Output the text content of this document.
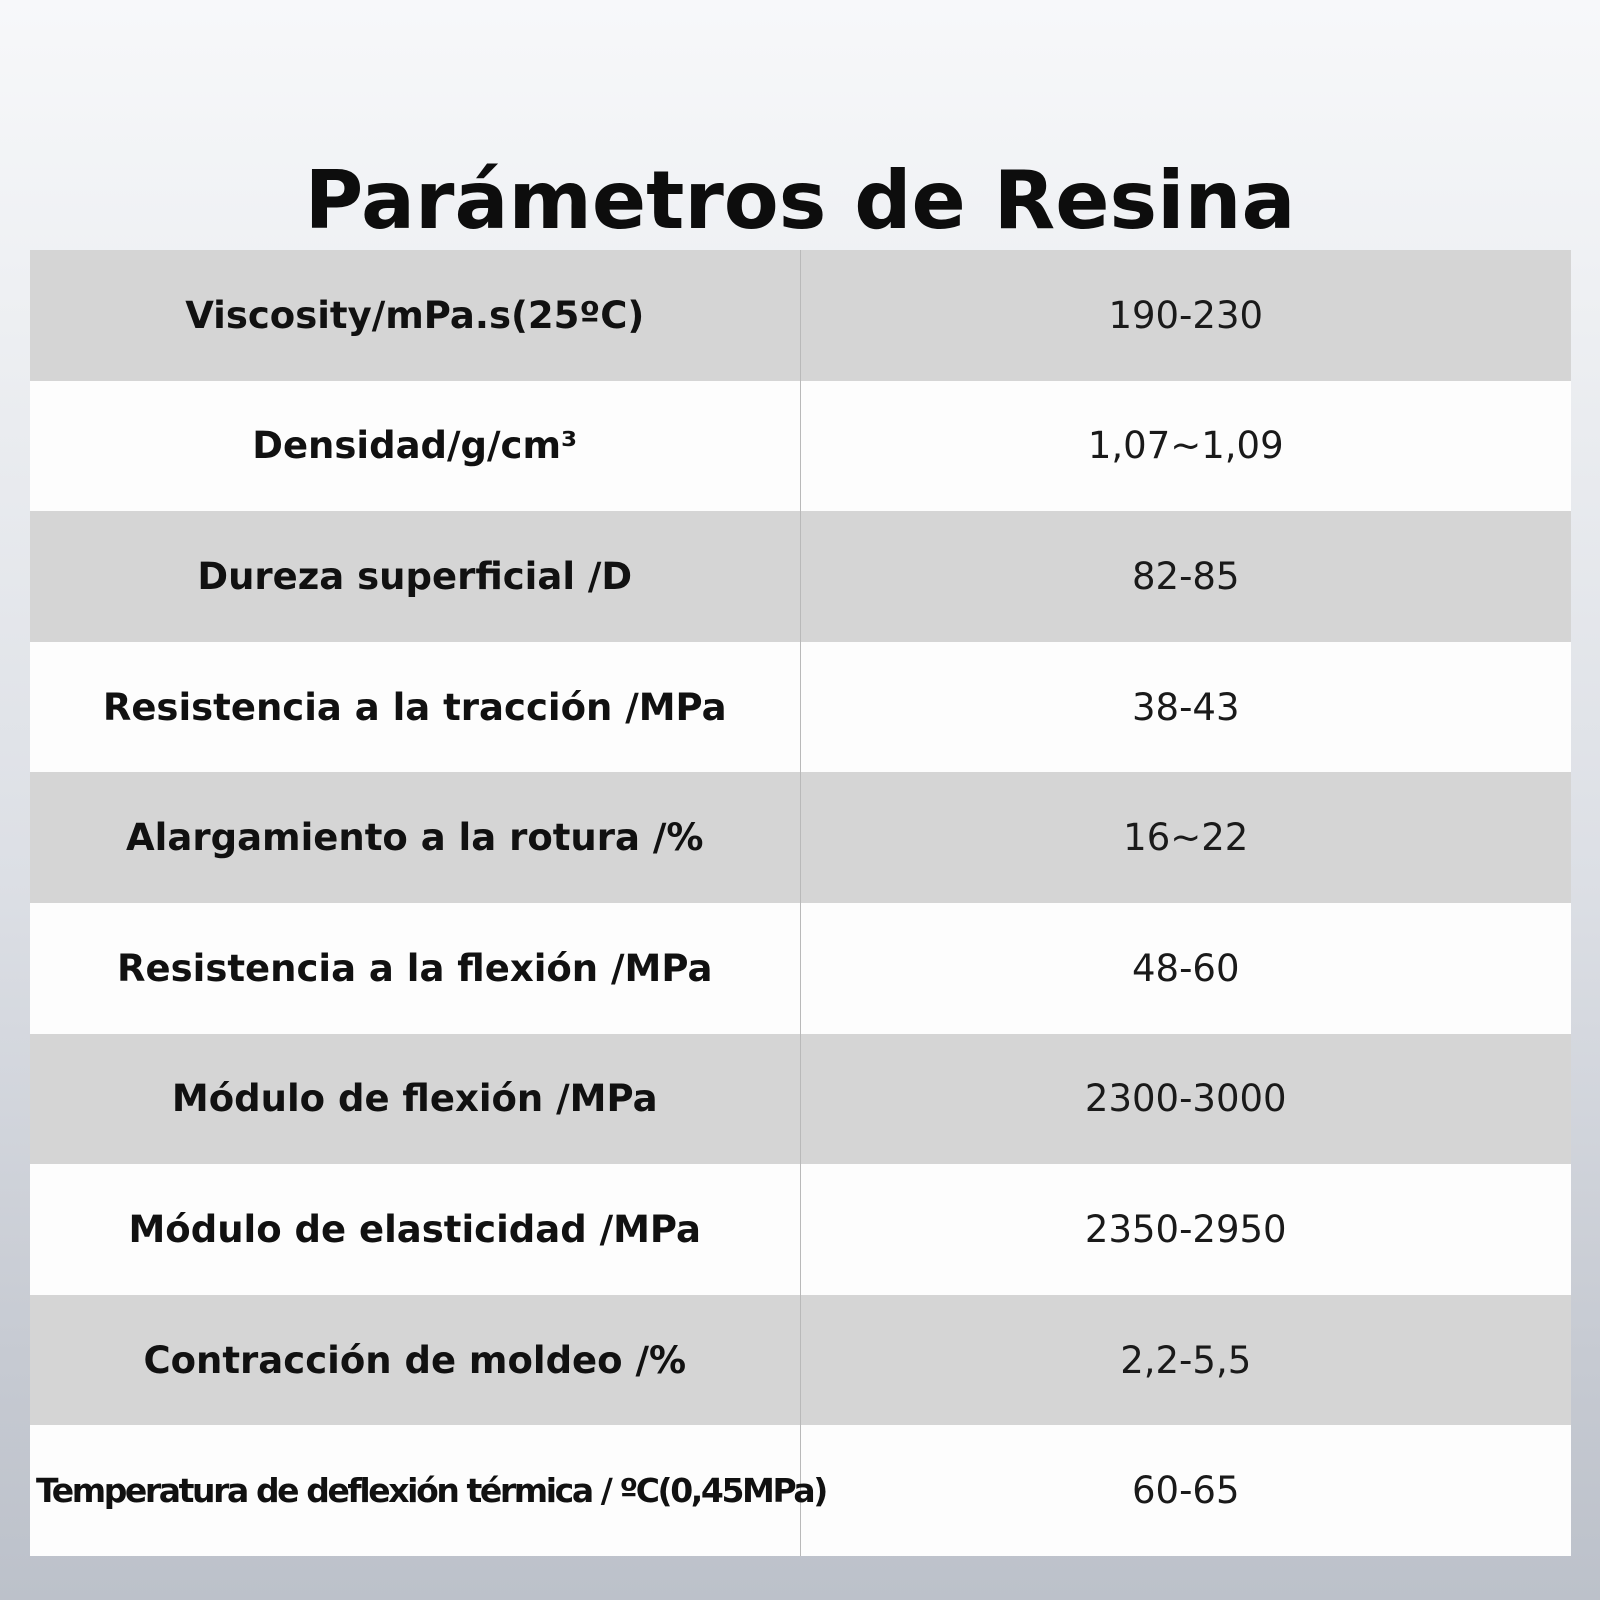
Parámetros de Resina
Viscosity/mPa.s(25ºC)	190-230
Densidad/g/cm³	1,07~1,09
Dureza superficial /D	82-85
Resistencia a la tracción /MPa	38-43
Alargamiento a la rotura /%	16~22
Resistencia a la flexión /MPa	48-60
Módulo de flexión /MPa	2300-3000
Módulo de elasticidad /MPa	2350-2950
Contracción de moldeo /%	2,2-5,5
Temperatura de deflexión térmica / ºC(0,45MPa)	60-65
